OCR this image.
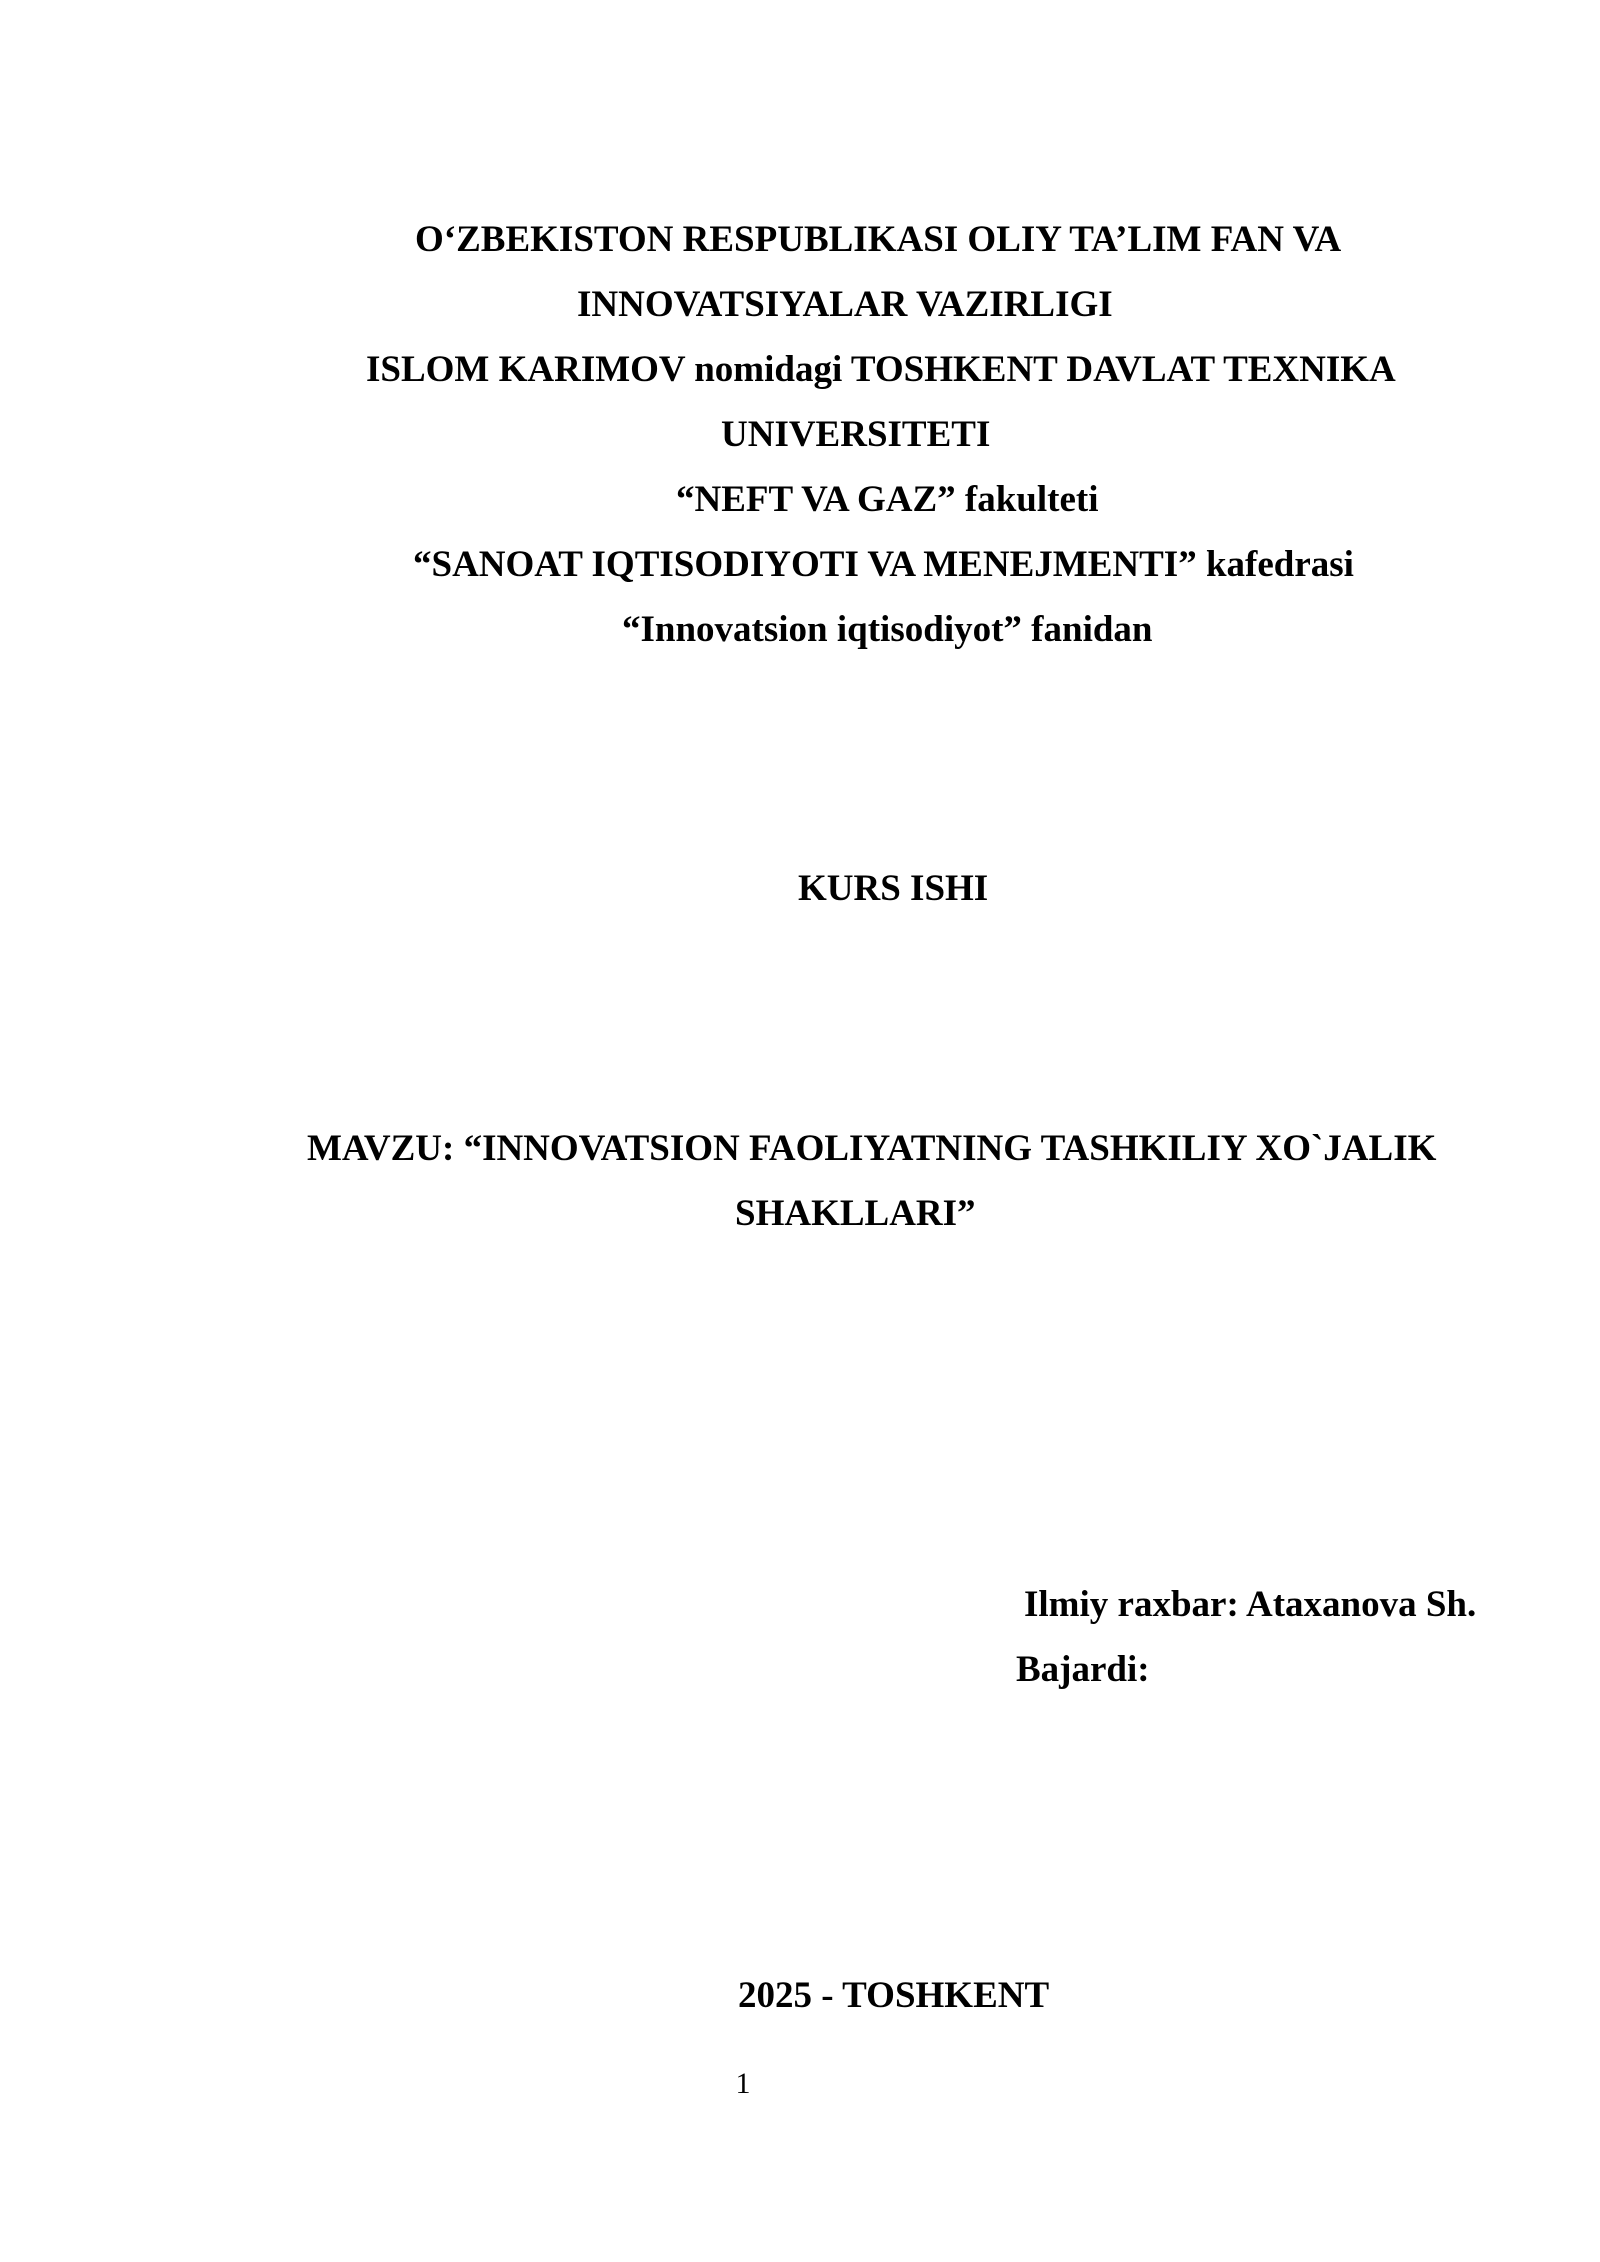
O‘ZBEKISTON RESPUBLIKASI OLIY TA’LIM FAN VA
INNOVATSIYALAR VAZIRLIGI
ISLOM KARIMOV nomidagi TOSHKENT DAVLAT TEXNIKA
UNIVERSITETI
“NEFT VA GAZ” fakulteti
“SANOAT IQTISODIYOTI VA MENEJMENTI” kafedrasi
“Innovatsion iqtisodiyot” fanidan
KURS ISHI
MAVZU: “INNOVATSION FAOLIYATNING TASHKILIY XO`JALIK
SHAKLLARI”
Ilmiy raxbar: Ataxanova Sh.
Bajardi:
2025 - TOSHKENT
1
